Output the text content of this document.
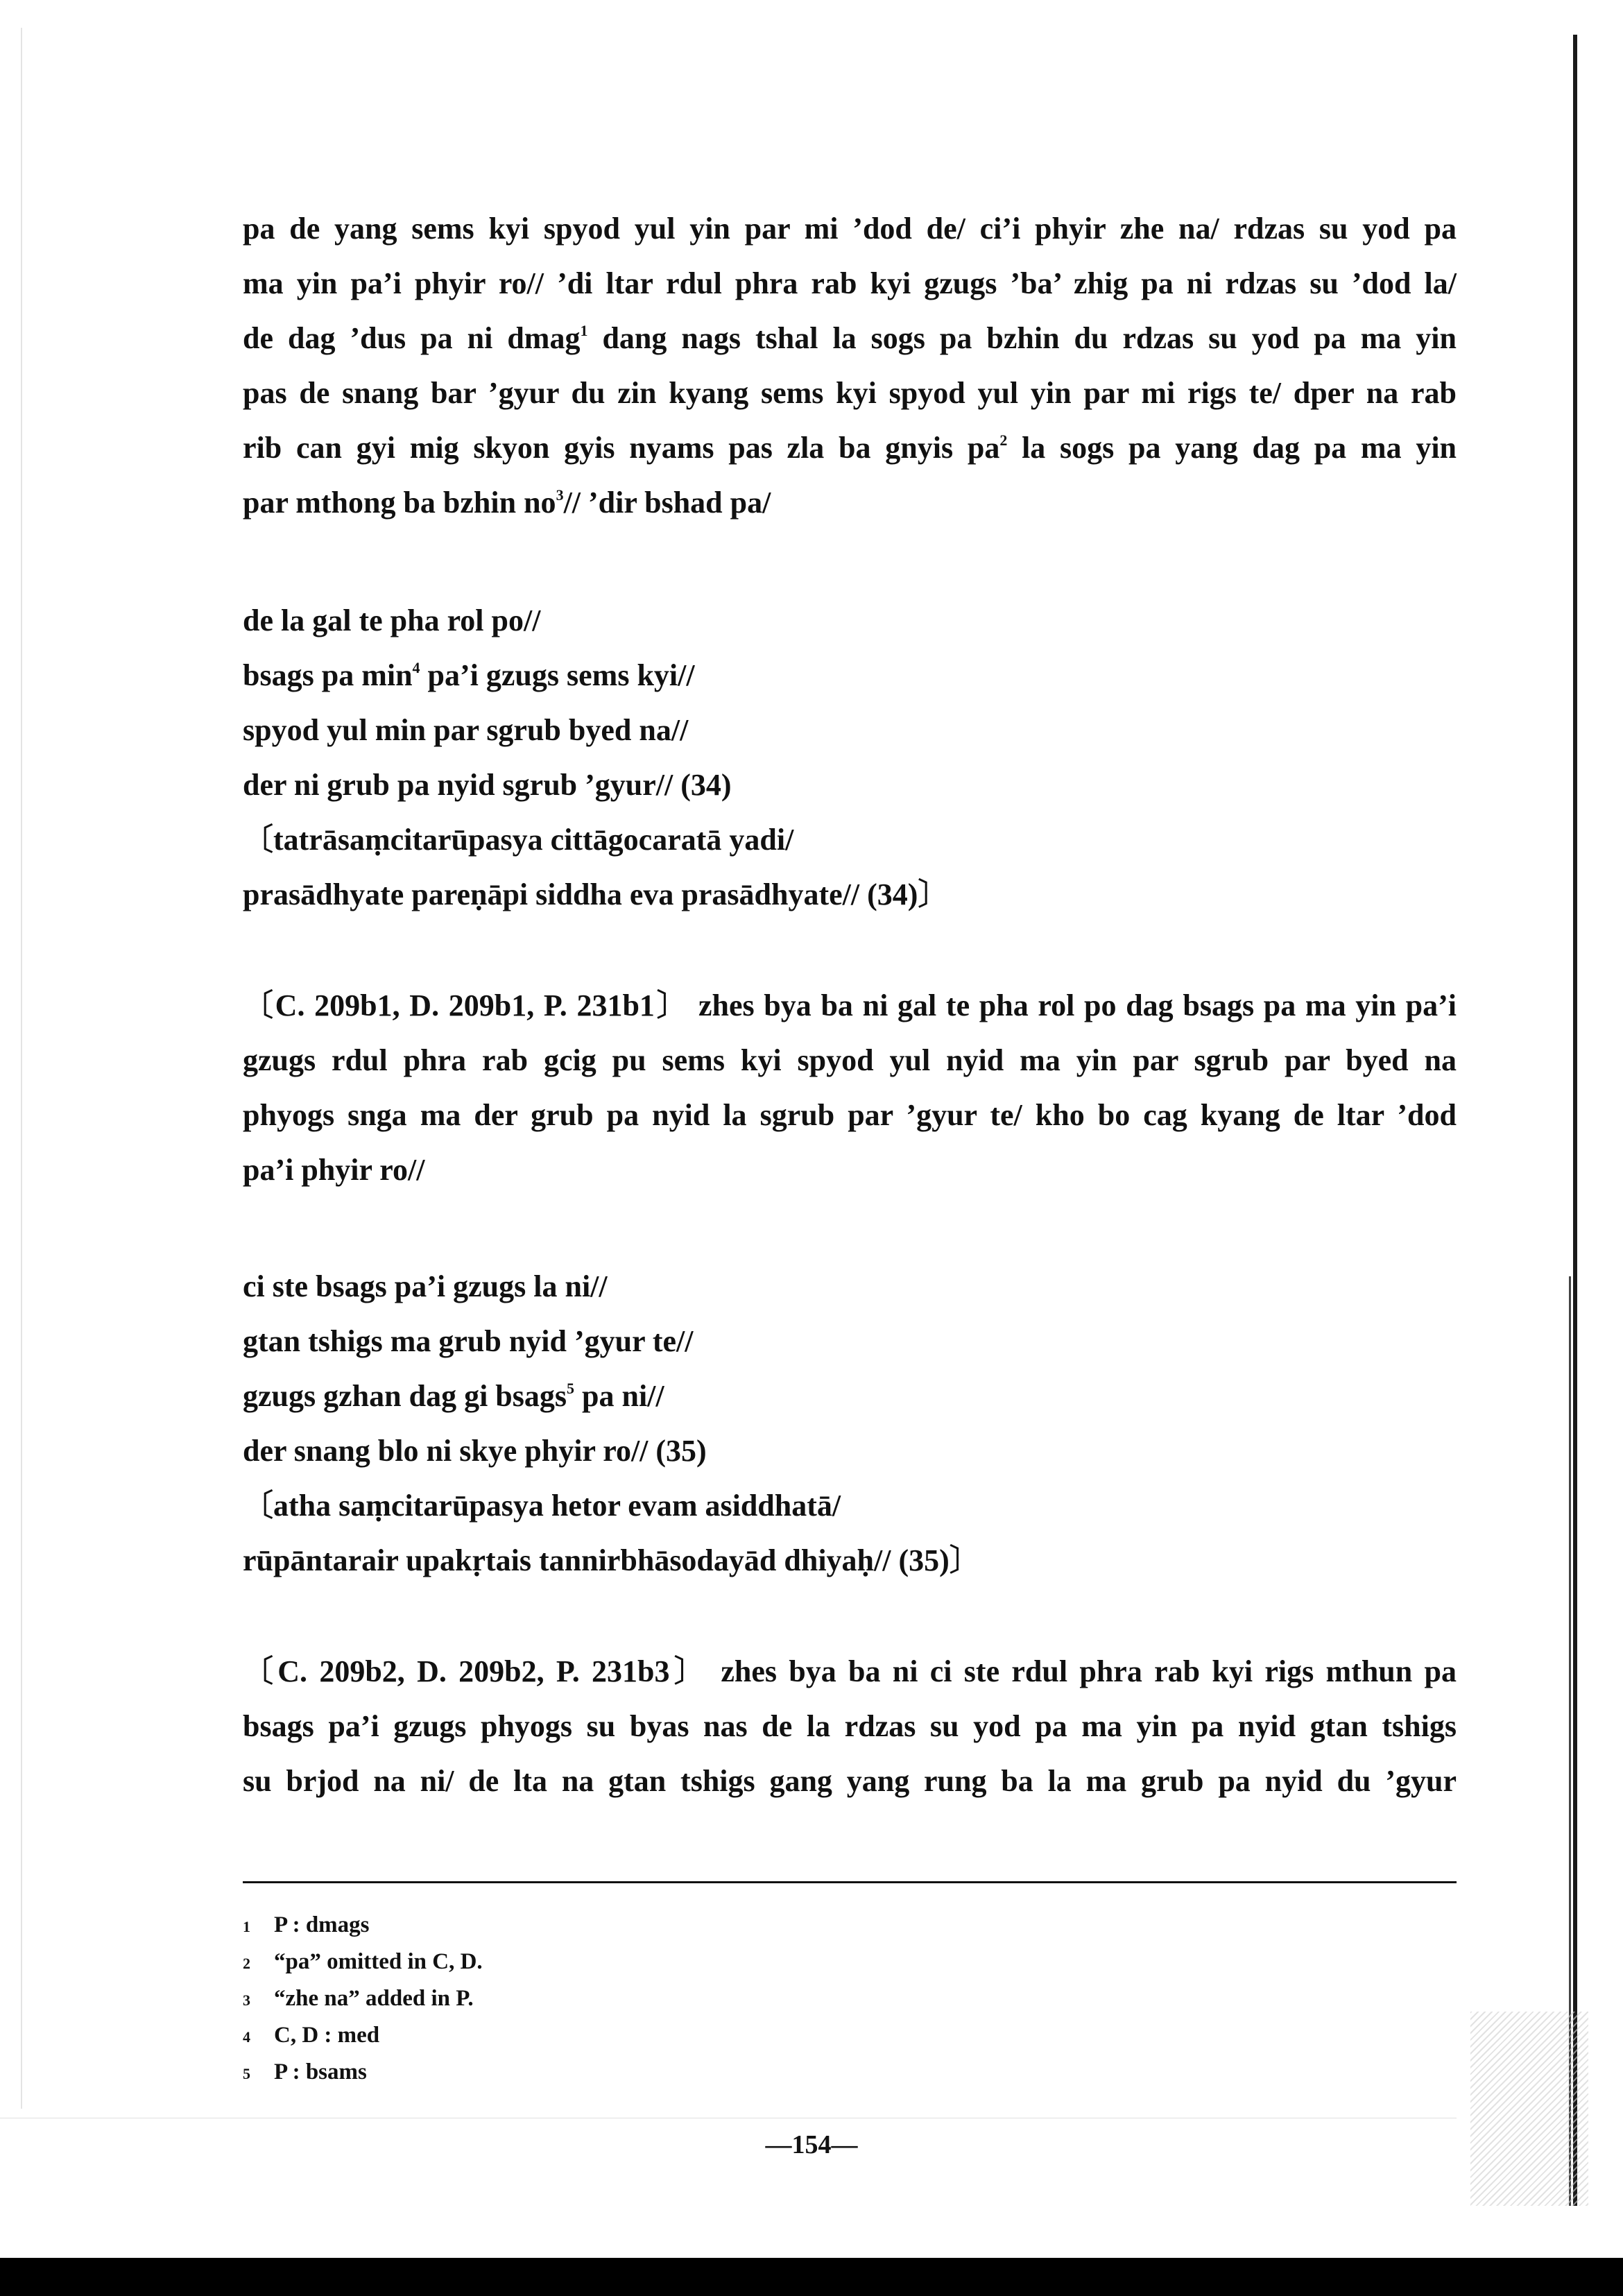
pa de yang sems kyi spyod yul yin par mi ’dod de/ ci’i phyir zhe na/ rdzas su yod pa

ma yin pa’i phyir ro// ’di ltar rdul phra rab kyi gzugs ’ba’ zhig pa ni rdzas su ’dod la/

de dag ’dus pa ni dmag$^1$ dang nags tshal la sogs pa bzhin du rdzas su yod pa ma yin

pas de snang bar ’gyur du zin kyang sems kyi spyod yul yin par mi rigs te/ dper na rab

rib can gyi mig skyon gyis nyams pas zla ba gnyis $pa^2$ la sogs pa yang dag pa ma yin

par mthong ba bzhin $no^3//$ ’dir bshad pa/

de la gal te pha rol po//

bsags pa $\min^4$ pa’i gzugs sems kyi//

spyod yul min par sgrub byed na//

der ni grub pa nyid sgrub ’gyur// (34)

〔tatrāsaṃcitarūpasya cittāgocaratā yadi/

prasādhyate pareṇāpi siddha eva prasādhyate// (34)〕

〔C. 209b1, D. 209b1, P. 231b1〕 zhes bya ba ni gal te pha rol po dag bsags pa ma yin pa’i

gzugs rdul phra rab gcig pu sems kyi spyod yul nyid ma yin par sgrub par byed na

phyogs snga ma der grub pa nyid la sgrub par ’gyur te/ kho bo cag kyang de ltar ’dod

pa’i phyir ro//

ci ste bsags pa’i gzugs la ni//

gtan tshigs ma grub nyid ’gyur te//

gzugs gzhan dag gi bsags$^5$ pa ni//

der snang blo ni skye phyir ro// (35)

〔atha saṃcitarūpasya hetor evam asiddhatā/

rūpāntarair upakṛtais tannirbhāsodayād dhiyaḥ// (35)〕

〔C. 209b2, D. 209b2, P. 231b3〕 zhes bya ba ni ci ste rdul phra rab kyi rigs mthun pa

bsags pa’i gzugs phyogs su byas nas de la rdzas su yod pa ma yin pa nyid gtan tshigs

su brjod na ni/ de lta na gtan tshigs gang yang rung ba la ma grub pa nyid du ’gyur

1	P : dmags
2	“pa” omitted in C, D.
3	“zhe na” added in P.
4	C, D : med
5	P : bsams
—154—
